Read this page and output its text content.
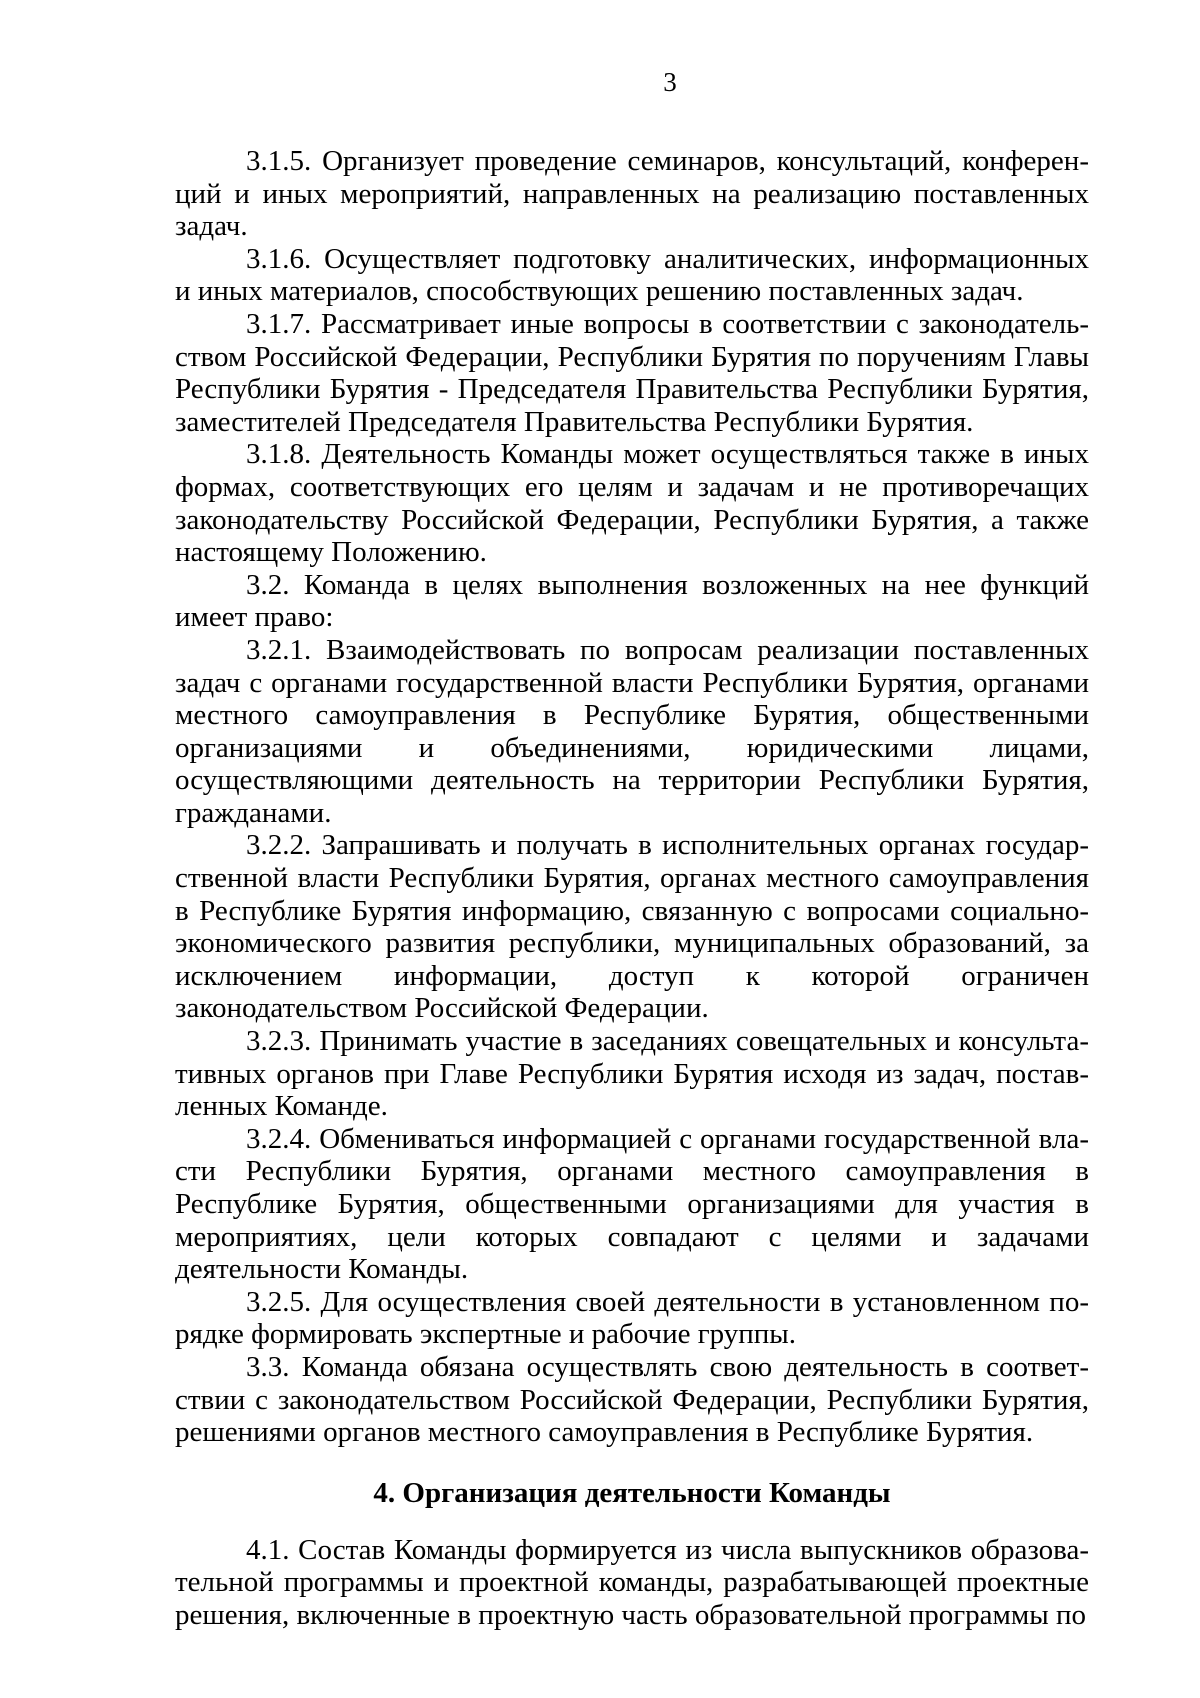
3

3.1.5. Организует проведение семинаров, консультаций, конференций и иных мероприятий, направленных на реализацию поставленных задач.

3.1.6. Осуществляет подготовку аналитических, информационных и иных материалов, способствующих решению поставленных задач.

3.1.7. Рассматривает иные вопросы в соответствии с законодательством Российской Федерации, Республики Бурятия по поручениям Главы Республики Бурятия - Председателя Правительства Республики Бурятия, заместителей Председателя Правительства Республики Бурятия.

3.1.8. Деятельность Команды может осуществляться также в иных формах, соответствующих его целям и задачам и не противоречащих законодательству Российской Федерации, Республики Бурятия, а также настоящему Положению.

3.2. Команда в целях выполнения возложенных на нее функций имеет право:

3.2.1. Взаимодействовать по вопросам реализации поставленных задач с органами государственной власти Республики Бурятия, органами местного самоуправления в Республике Бурятия, общественными организациями и объединениями, юридическими лицами, осуществляющими деятельность на территории Республики Бурятия, гражданами.

3.2.2. Запрашивать и получать в исполнительных органах государственной власти Республики Бурятия, органах местного самоуправления в Республике Бурятия информацию, связанную с вопросами социально-экономического развития республики, муниципальных образований, за исключением информации, доступ к которой ограничен законодательством Российской Федерации.

3.2.3. Принимать участие в заседаниях совещательных и консультативных органов при Главе Республики Бурятия исходя из задач, поставленных Команде.

3.2.4. Обмениваться информацией с органами государственной власти Республики Бурятия, органами местного самоуправления в Республике Бурятия, общественными организациями для участия в мероприятиях, цели которых совпадают с целями и задачами деятельности Команды.

3.2.5. Для осуществления своей деятельности в установленном порядке формировать экспертные и рабочие группы.

3.3. Команда обязана осуществлять свою деятельность в соответствии с законодательством Российской Федерации, Республики Бурятия, решениями органов местного самоуправления в Республике Бурятия.

4. Организация деятельности Команды

4.1. Состав Команды формируется из числа выпускников образовательной программы и проектной команды, разрабатывающей проектные решения, включенные в проектную часть образовательной программы по
